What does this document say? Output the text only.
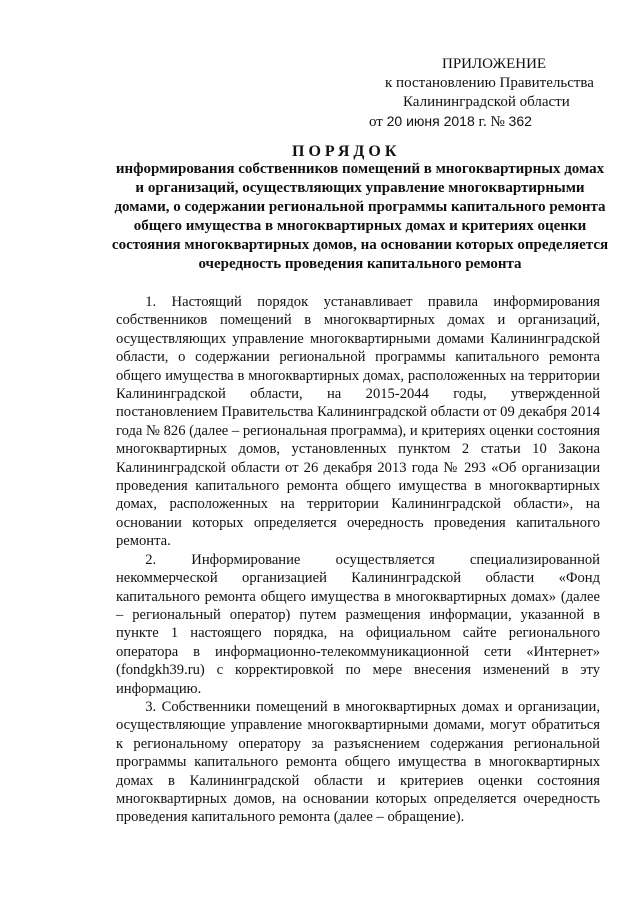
ПРИЛОЖЕНИЕ
к постановлению Правительства
Калининградской области
от 20 июня 2018 г. № 362
ПОРЯДОК
информирования собственников помещений в многоквартирных домах и организаций, осуществляющих управление многоквартирными домами, о содержании региональной программы капитального ремонта общего имущества в многоквартирных домах и критериях оценки состояния многоквартирных домов, на основании которых определяется очередность проведения капитального ремонта

1. Настоящий порядок устанавливает правила информирования собственников помещений в многоквартирных домах и организаций, осуществляющих управление многоквартирными домами Калининградской области, о содержании региональной программы капитального ремонта общего имущества в многоквартирных домах, расположенных на территории Калининградской области, на 2015-2044 годы, утвержденной постановлением Правительства Калининградской области от 09 декабря 2014 года № 826 (далее – региональная программа), и критериях оценки состояния многоквартирных домов, установленных пунктом 2 статьи 10 Закона Калининградской области от 26 декабря 2013 года № 293 «Об организации проведения капитального ремонта общего имущества в многоквартирных домах, расположенных на территории Калининградской области», на основании которых определяется очередность проведения капитального ремонта.

2. Информирование осуществляется специализированной некоммерческой организацией Калининградской области «Фонд капитального ремонта общего имущества в многоквартирных домах» (далее – региональный оператор) путем размещения информации, указанной в пункте 1 настоящего порядка, на официальном сайте регионального оператора в информационно-телекоммуникационной сети «Интернет» (fondgkh39.ru) с корректировкой по мере внесения изменений в эту информацию.

3. Собственники помещений в многоквартирных домах и организации, осуществляющие управление многоквартирными домами, могут обратиться к региональному оператору за разъяснением содержания региональной программы капитального ремонта общего имущества в многоквартирных домах в Калининградской области и критериев оценки состояния многоквартирных домов, на основании которых определяется очередность проведения капитального ремонта (далее – обращение).
